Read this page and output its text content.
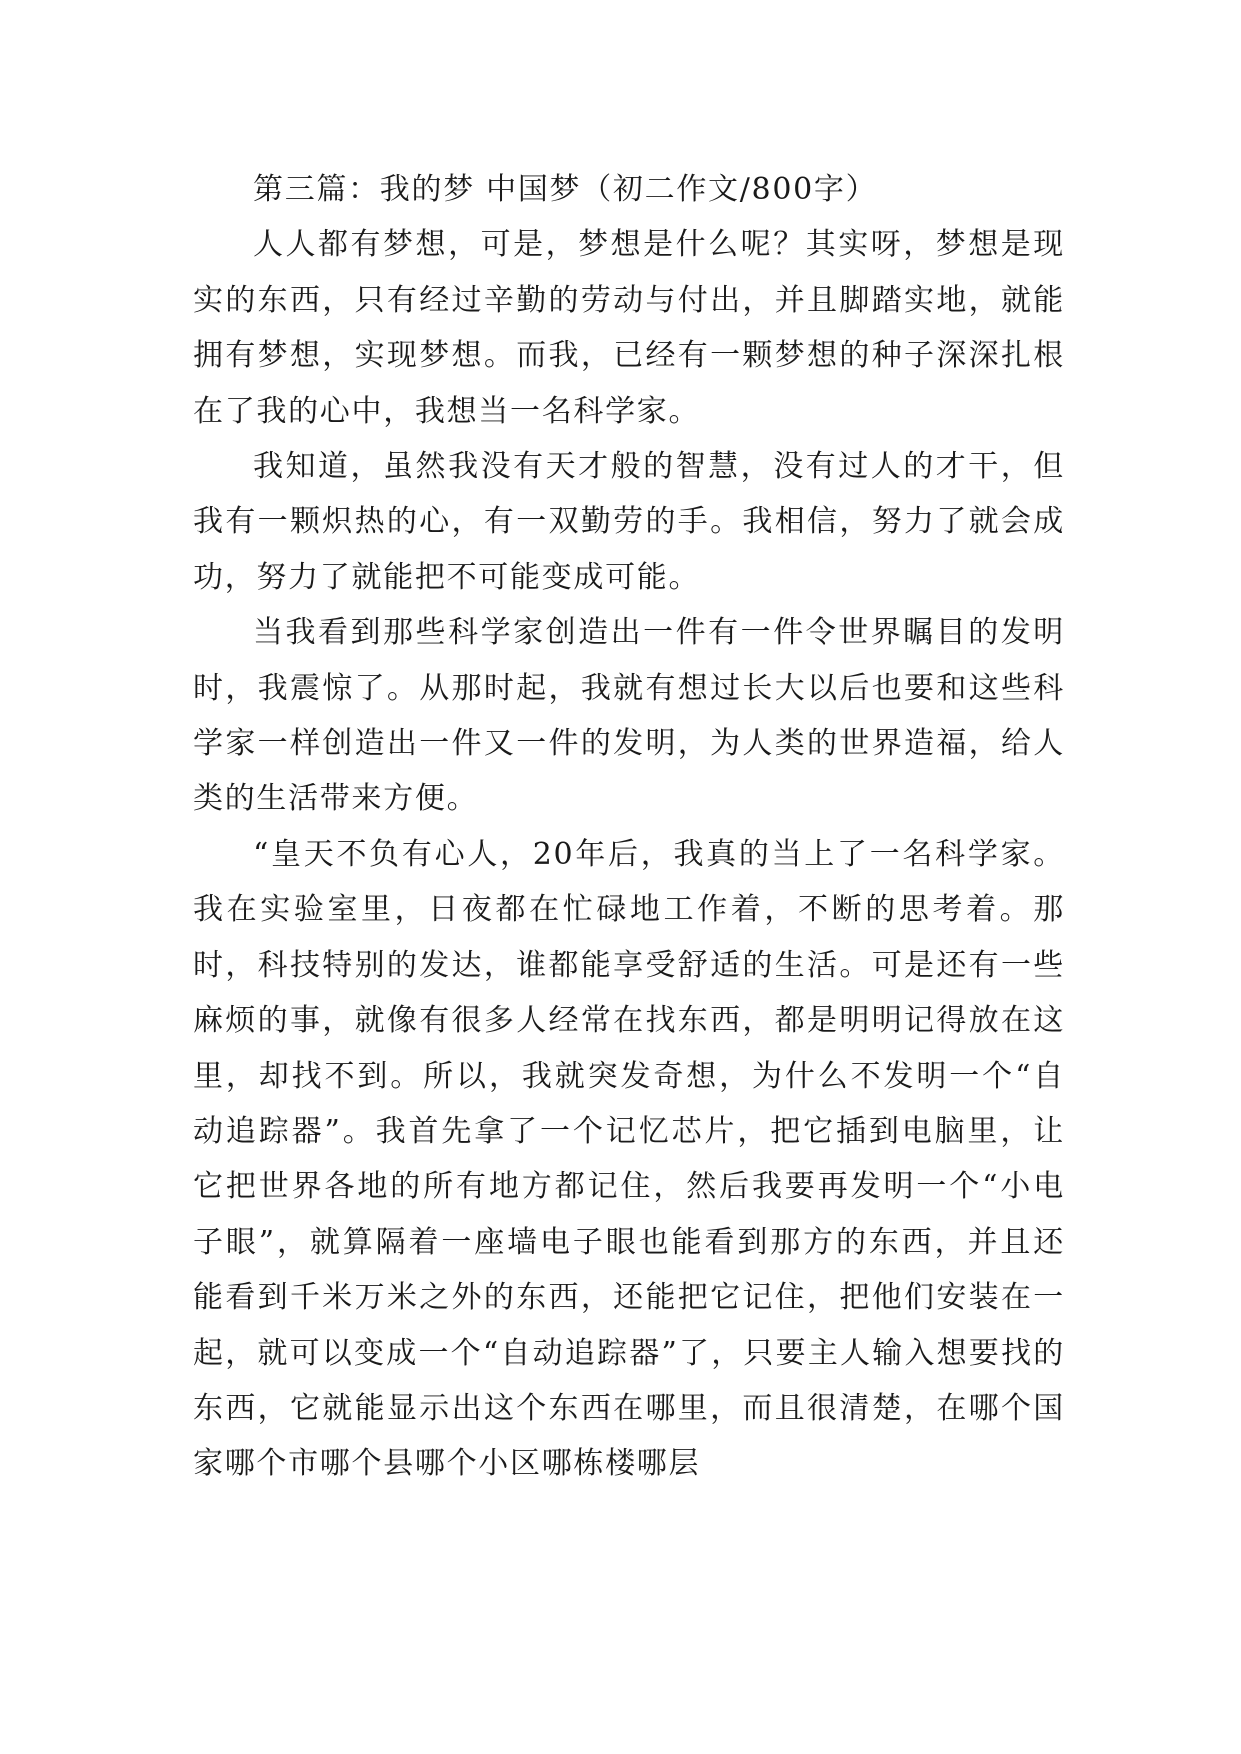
第三篇：我的梦 中国梦（初二作文/800字）

人人都有梦想，可是，梦想是什么呢？其实呀，梦想是现实的东西，只有经过辛勤的劳动与付出，并且脚踏实地，就能拥有梦想，实现梦想。而我，已经有一颗梦想的种子深深扎根在了我的心中，我想当一名科学家。

我知道，虽然我没有天才般的智慧，没有过人的才干，但我有一颗炽热的心，有一双勤劳的手。我相信，努力了就会成功，努力了就能把不可能变成可能。

当我看到那些科学家创造出一件有一件令世界瞩目的发明时，我震惊了。从那时起，我就有想过长大以后也要和这些科学家一样创造出一件又一件的发明，为人类的世界造福，给人类的生活带来方便。

“皇天不负有心人，20年后，我真的当上了一名科学家。我在实验室里，日夜都在忙碌地工作着，不断的思考着。那时，科技特别的发达，谁都能享受舒适的生活。可是还有一些麻烦的事，就像有很多人经常在找东西，都是明明记得放在这里，却找不到。所以，我就突发奇想，为什么不发明一个“自动追踪器”。我首先拿了一个记忆芯片，把它插到电脑里，让它把世界各地的所有地方都记住，然后我要再发明一个“小电子眼”，就算隔着一座墙电子眼也能看到那方的东西，并且还能看到千米万米之外的东西，还能把它记住，把他们安装在一起，就可以变成一个“自动追踪器”了，只要主人输入想要找的东西，它就能显示出这个东西在哪里，而且很清楚，在哪个国家哪个市哪个县哪个小区哪栋楼哪层
